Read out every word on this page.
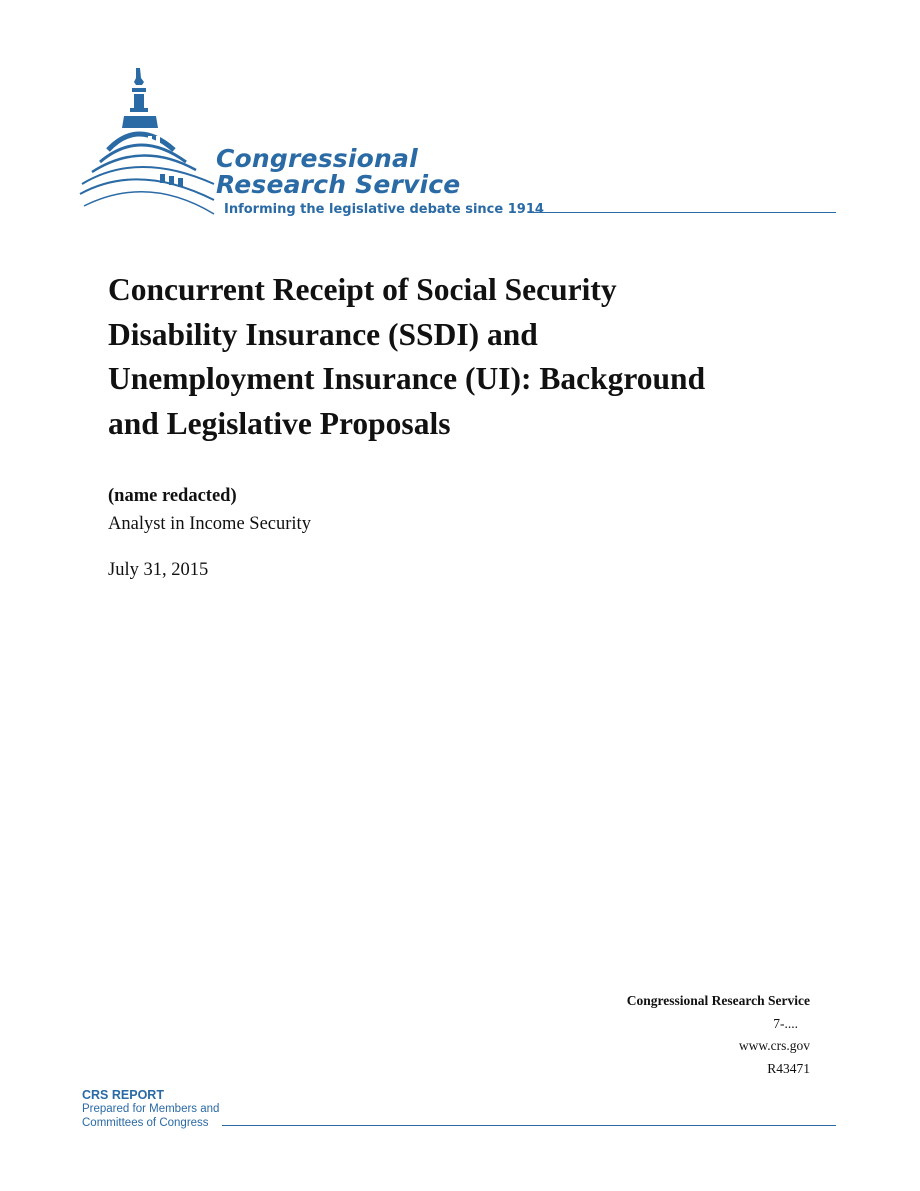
Congressional
Research Service
Informing the legislative debate since 1914
Concurrent Receipt of Social Security
Disability Insurance (SSDI) and
Unemployment Insurance (UI): Background
and Legislative Proposals
(name redacted)
Analyst in Income Security
July 31, 2015
Congressional Research Service
7-....
www.crs.gov
R43471
CRS REPORT
Prepared for Members and
Committees of Congress
